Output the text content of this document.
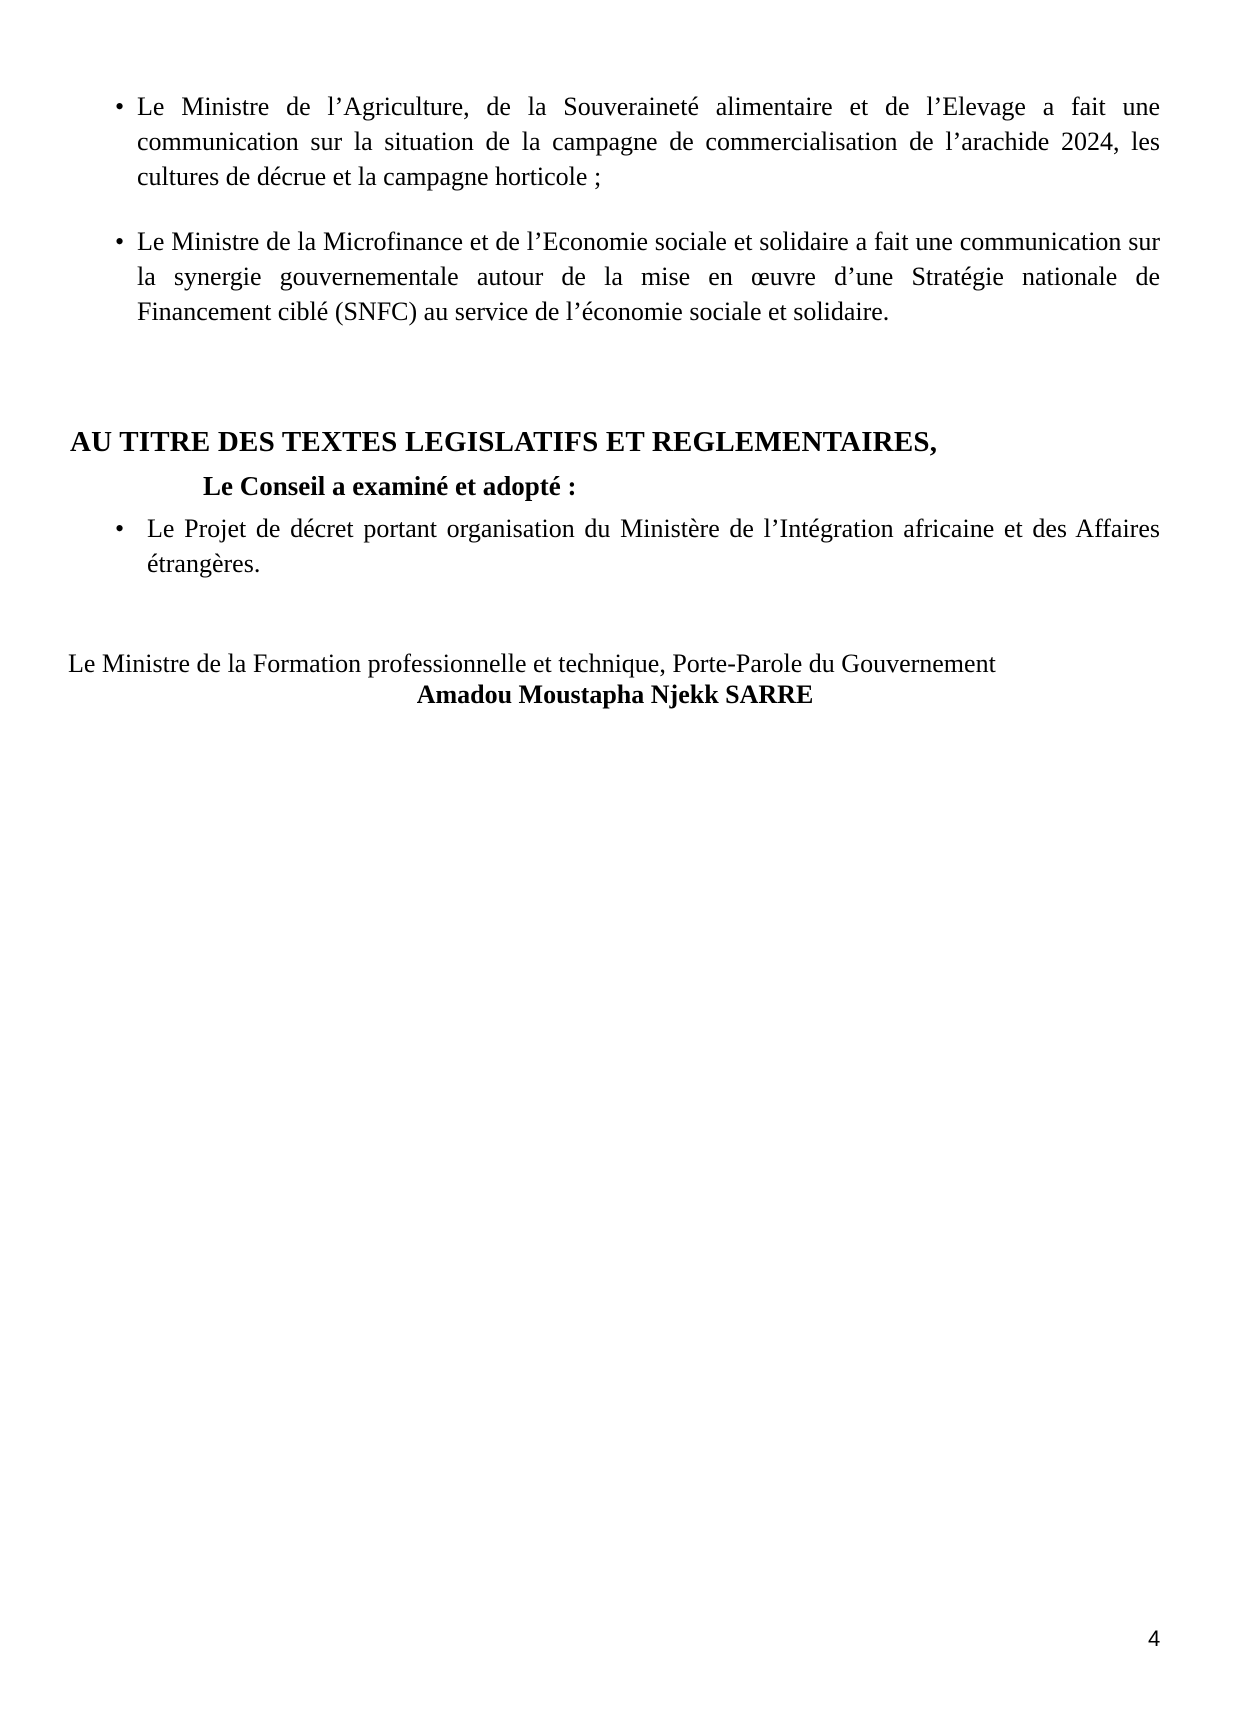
• Le Ministre de l’Agriculture, de la Souveraineté alimentaire et de l’Elevage a fait une communication sur la situation de la campagne de commercialisation de l’arachide 2024, les cultures de décrue et la campagne horticole ;
• Le Ministre de la Microfinance et de l’Economie sociale et solidaire a fait une communication sur la synergie gouvernementale autour de la mise en œuvre d’une Stratégie nationale de Financement ciblé (SNFC) au service de l’économie sociale et solidaire.
AU TITRE DES TEXTES LEGISLATIFS ET REGLEMENTAIRES,
Le Conseil a examiné et adopté :
• Le Projet de décret portant organisation du Ministère de l’Intégration africaine et des Affaires étrangères.
Le Ministre de la Formation professionnelle et technique, Porte-Parole du Gouvernement
Amadou Moustapha Njekk SARRE
4
